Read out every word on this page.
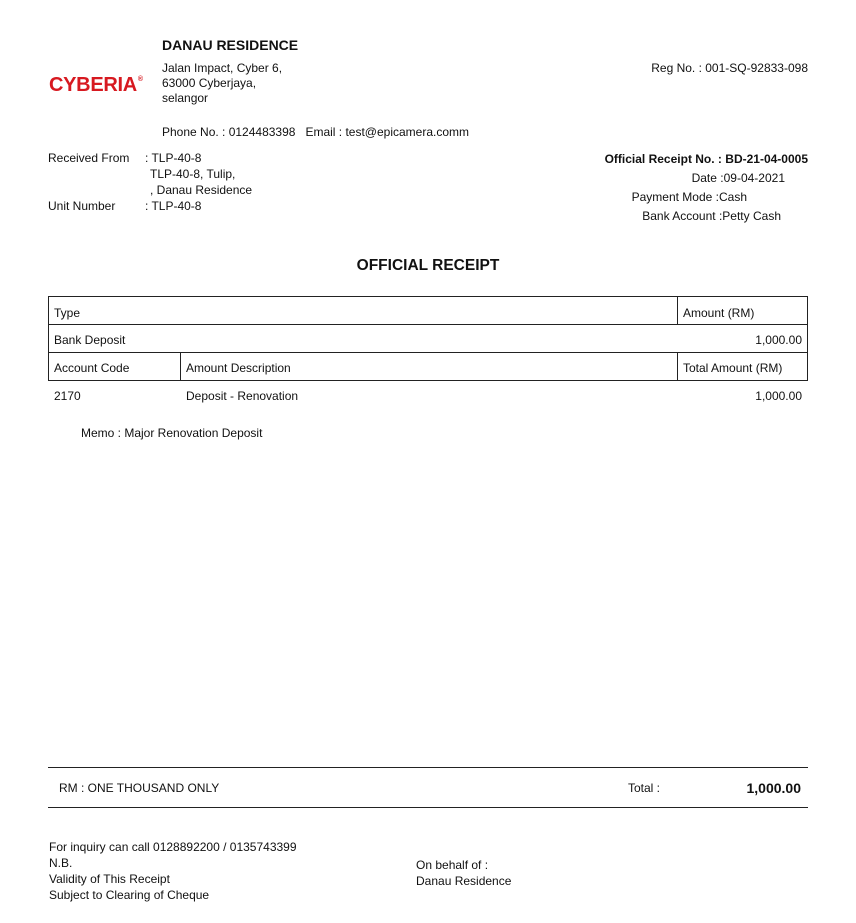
CYBERIA®
DANAU RESIDENCE
Jalan Impact, Cyber 6,
63000 Cyberjaya,
selangor
Phone No. : 0124483398   Email : test@epicamera.comm
Reg No. : 001-SQ-92833-098
Received From : TLP-40-8
TLP-40-8, Tulip,
, Danau Residence
Unit Number : TLP-40-8
Official Receipt No. : BD-21-04-0005
Date :09-04-2021
Payment Mode :Cash
Bank Account :Petty Cash
OFFICIAL RECEIPT
Type	Amount (RM)
Bank Deposit	1,000.00
Account Code	Amount Description	Total Amount (RM)
2170	Deposit - Renovation	1,000.00
Memo : Major Renovation Deposit
RM : ONE THOUSAND ONLY	Total :	1,000.00
For inquiry can call 0128892200 / 0135743399
N.B.
Validity of This Receipt
Subject to Clearing of Cheque
On behalf of :
Danau Residence
